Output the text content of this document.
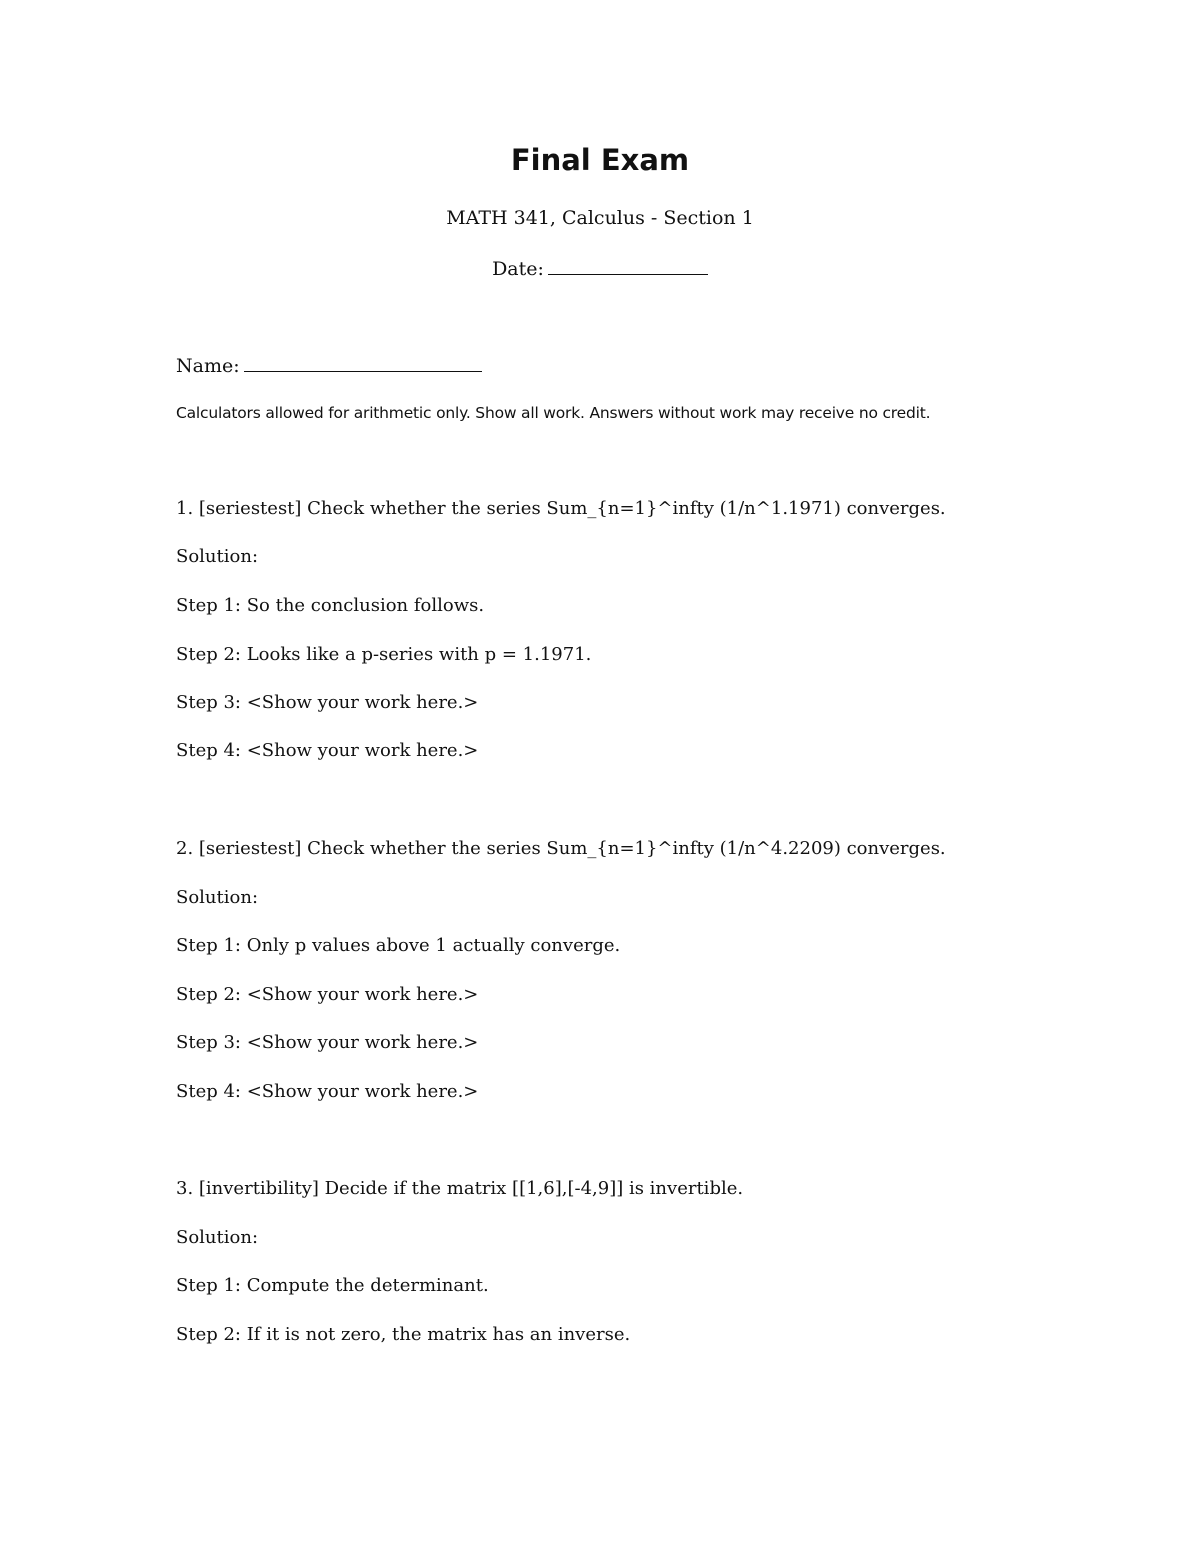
Final Exam
MATH 341, Calculus - Section 1
Date:
Name:
Calculators allowed for arithmetic only. Show all work. Answers without work may receive no credit.
1. [seriestest] Check whether the series Sum_{n=1}^infty (1/n^1.1971) converges.
Solution:
Step 1: So the conclusion follows.
Step 2: Looks like a p-series with p = 1.1971.
Step 3: <Show your work here.>
Step 4: <Show your work here.>
2. [seriestest] Check whether the series Sum_{n=1}^infty (1/n^4.2209) converges.
Solution:
Step 1: Only p values above 1 actually converge.
Step 2: <Show your work here.>
Step 3: <Show your work here.>
Step 4: <Show your work here.>
3. [invertibility] Decide if the matrix [[1,6],[-4,9]] is invertible.
Solution:
Step 1: Compute the determinant.
Step 2: If it is not zero, the matrix has an inverse.
